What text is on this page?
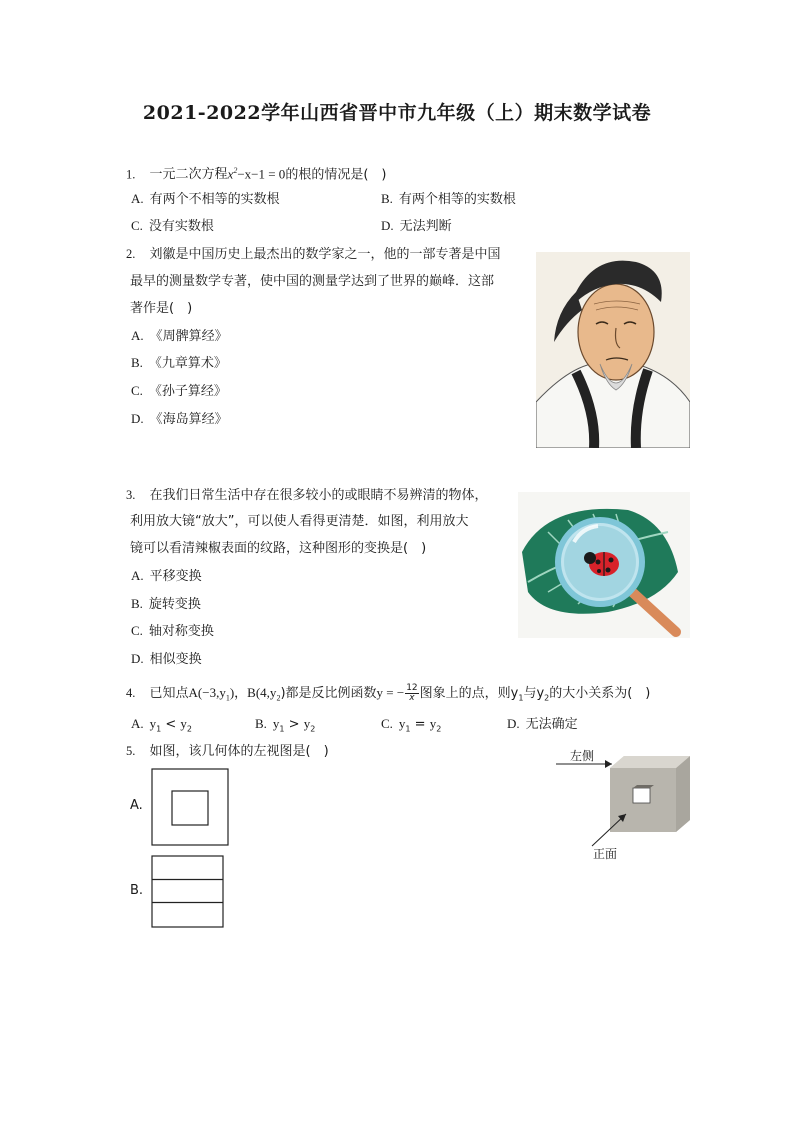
2021-2022学年山西省晋中市九年级（上）期末数学试卷
1. 一元二次方程$x^2-x-1 = 0$的根的情况是(　)
A. 有两个不相等的实数根	B. 有两个相等的实数根
C. 没有实数根	D. 无法判断
2. 刘徽是中国历史上最杰出的数学家之一，他的一部专著是中国
最早的测量数学专著，使中国的测量学达到了世界的巅峰．这部
著作是(　)
A. 《周髀算经》
B. 《九章算术》
C. 《孙子算经》
D. 《海岛算经》
3. 在我们日常生活中存在很多较小的或眼睛不易辨清的物体，
利用放大镜“放大”，可以使人看得更清楚．如图，利用放大
镜可以看清辣椒表面的纹路，这种图形的变换是(　)
A. 平移变换
B. 旋转变换
C. 轴对称变换
D. 相似变换
4. 已知点$A(-3,y_1)$，$B(4,y_2)$都是反比例函数y = − $\frac{12}{x}$ 图象上的点，则$y_1$与$y_2$的大小关系为(　)
A. $y_1 < y_2$	B. $y_1 > y_2$	C. $y_1 = y_2$	D. 无法确定
5. 如图，该几何体的左视图是(　)
A.
B.
左侧
正面
